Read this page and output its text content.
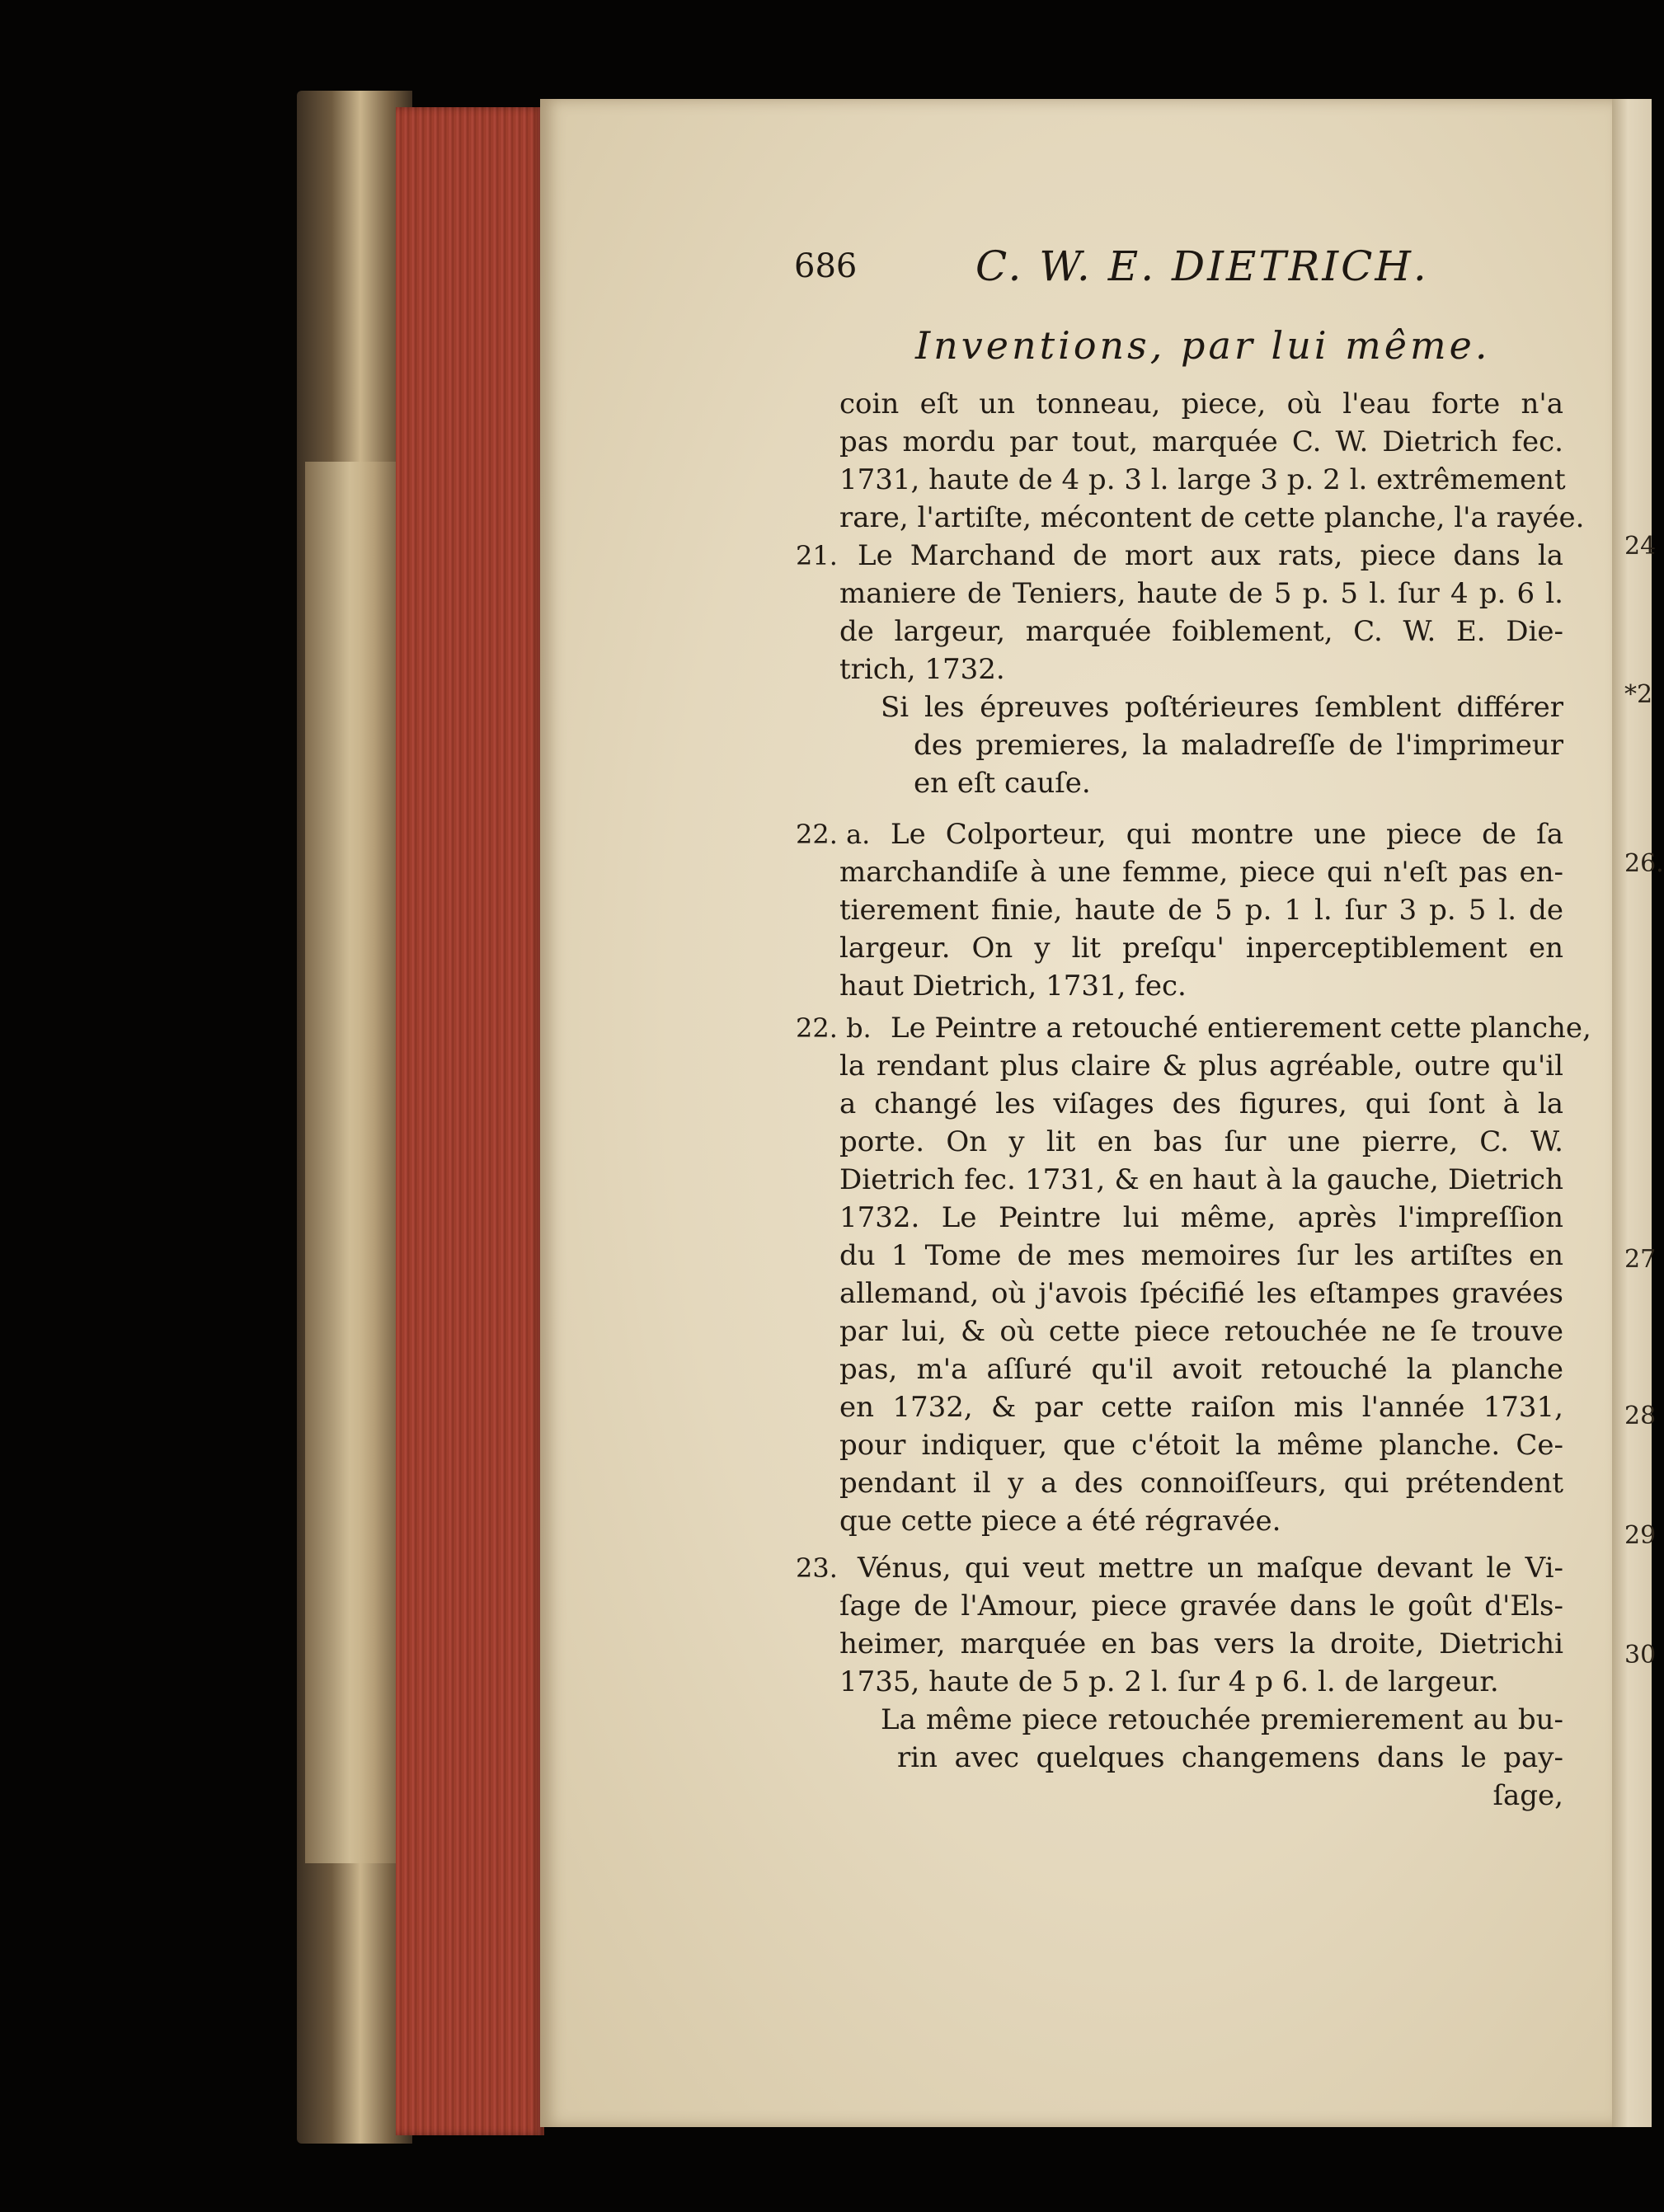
24
*2
26.
27
28
29
30
686	C. W. E. DIETRICH.
Inventions, par lui même.
coin eſt un tonneau, piece, où l'eau forte n'a
pas mordu par tout, marquée C. W. Dietrich fec.
1731, haute de 4 p. 3 l. large 3 p. 2 l. extrêmement
rare, l'artiſte, mécontent de cette planche, l'a rayée.
21. Le Marchand de mort aux rats, piece dans la
maniere de Teniers, haute de 5 p. 5 l. ſur 4 p. 6 l.
de largeur, marquée foiblement, C. W. E. Die-
trich, 1732.
Si les épreuves poſtérieures ſemblent différer
des premieres, la maladreſſe de l'imprimeur
en eſt cauſe.
22. a. Le Colporteur, qui montre une piece de ſa
marchandiſe à une femme, piece qui n'eſt pas en-
tierement finie, haute de 5 p. 1 l. ſur 3 p. 5 l. de
largeur. On y lit preſqu' inperceptiblement en
haut Dietrich, 1731, fec.
22. b. Le Peintre a retouché entierement cette planche,
la rendant plus claire & plus agréable, outre qu'il
a changé les viſages des figures, qui ſont à la
porte. On y lit en bas ſur une pierre, C. W.
Dietrich fec. 1731, & en haut à la gauche, Dietrich
1732. Le Peintre lui même, après l'impreſſion
du 1 Tome de mes memoires ſur les artiſtes en
allemand, où j'avois ſpécifié les eſtampes gravées
par lui, & où cette piece retouchée ne ſe trouve
pas, m'a aſſuré qu'il avoit retouché la planche
en 1732, & par cette raiſon mis l'année 1731,
pour indiquer, que c'étoit la même planche. Ce-
pendant il y a des connoiſſeurs, qui prétendent
que cette piece a été régravée.
23. Vénus, qui veut mettre un maſque devant le Vi-
ſage de l'Amour, piece gravée dans le goût d'Els-
heimer, marquée en bas vers la droite, Dietrichi
1735, haute de 5 p. 2 l. ſur 4 p 6. l. de largeur.
La même piece retouchée premierement au bu-
rin avec quelques changemens dans le pay-
ſage,
